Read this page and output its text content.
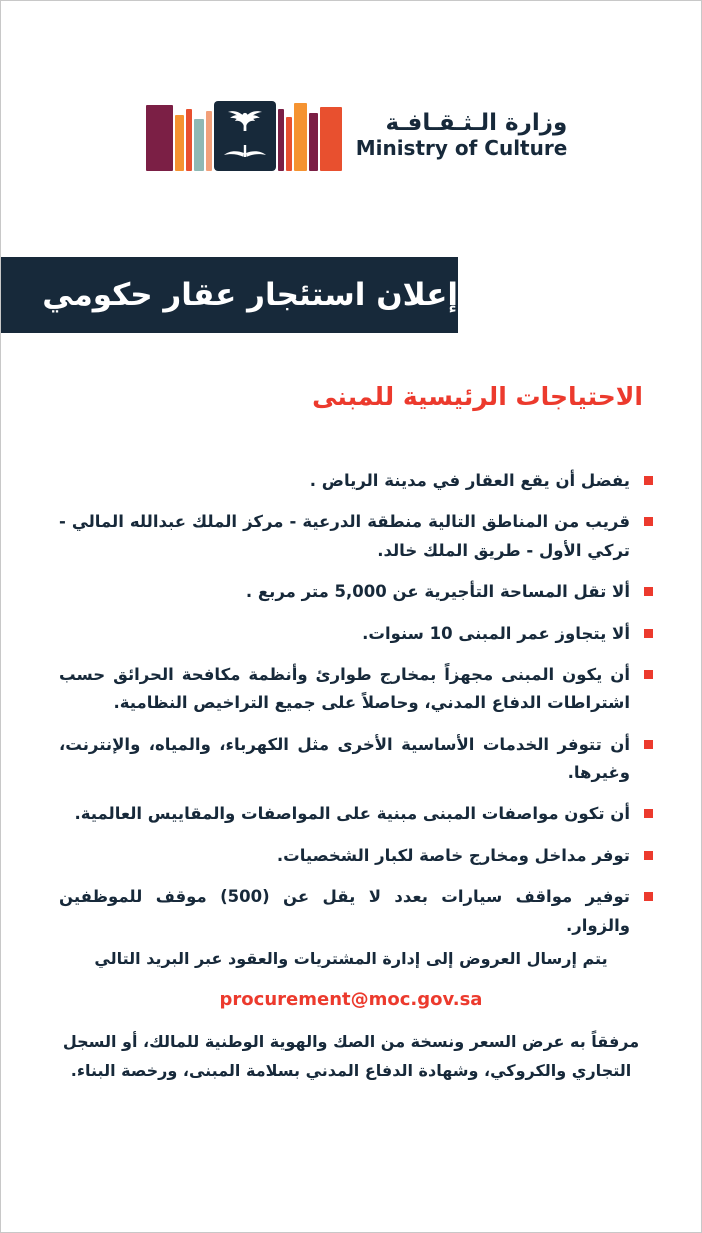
وزارة الـثـقـافـة
Ministry of Culture
إعلان استئجار عقار حكومي
الاحتياجات الرئيسية للمبنى
يفضل أن يقع العقار في مدينة الرياض .
قريب من المناطق التالية منطقة الدرعية - مركز الملك عبدالله المالي - تركي الأول - طريق الملك خالد.
ألا تقل المساحة التأجيرية عن 5,000 متر مربع .
ألا يتجاوز عمر المبنى 10 سنوات.
أن يكون المبنى مجهزاً بمخارج طوارئ وأنظمة مكافحة الحرائق حسب اشتراطات الدفاع المدني، وحاصلاً على جميع التراخيص النظامية.
أن تتوفر الخدمات الأساسية الأخرى مثل الكهرباء، والمياه، والإنترنت، وغيرها.
أن تكون مواصفات المبنى مبنية على المواصفات والمقاييس العالمية.
توفر مداخل ومخارج خاصة لكبار الشخصيات.
توفير مواقف سيارات بعدد لا يقل عن (500) موقف للموظفين والزوار.
يتم إرسال العروض إلى إدارة المشتريات والعقود عبر البريد التالي
procurement@moc.gov.sa
مرفقاً به عرض السعر ونسخة من الصك والهوية الوطنية للمالك، أو السجل التجاري والكروكي، وشهادة الدفاع المدني بسلامة المبنى، ورخصة البناء.
